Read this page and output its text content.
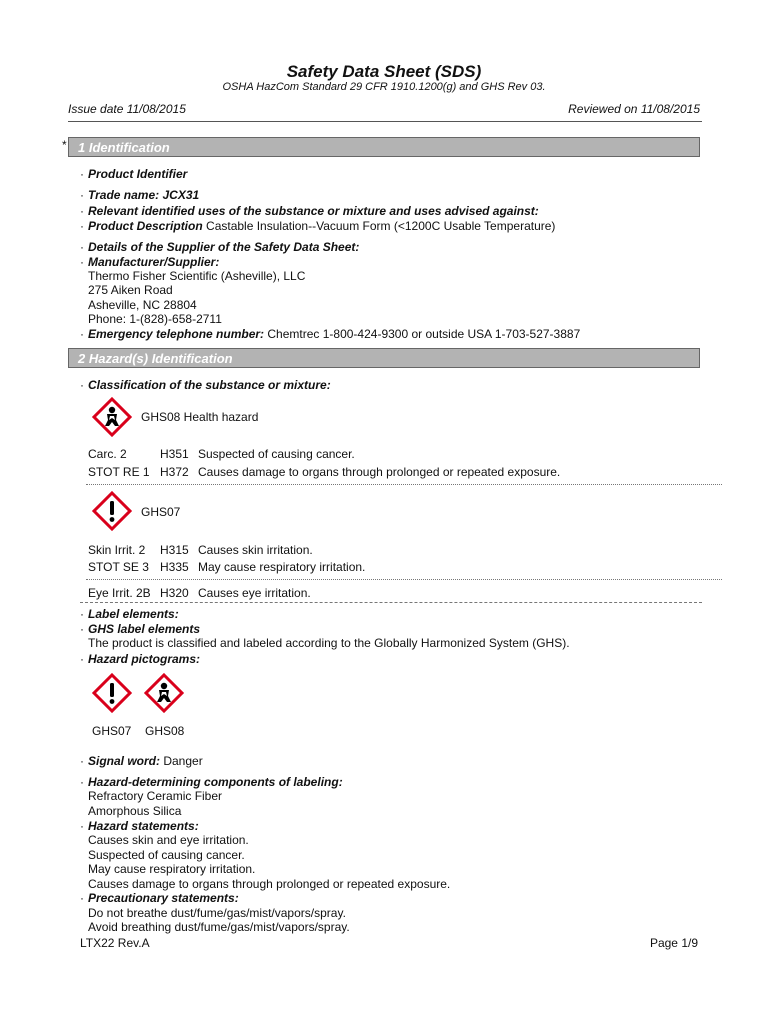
Safety Data Sheet (SDS)
OSHA HazCom Standard 29 CFR 1910.1200(g) and GHS Rev 03.
Issue date 11/08/2015	Reviewed on 11/08/2015
* 1 Identification
· Product Identifier
· Trade name: JCX31
· Relevant identified uses of the substance or mixture and uses advised against:
· Product Description Castable Insulation--Vacuum Form (<1200C Usable Temperature)
· Details of the Supplier of the Safety Data Sheet:
· Manufacturer/Supplier:
Thermo Fisher Scientific (Asheville), LLC
275 Aiken Road
Asheville, NC 28804
Phone: 1-(828)-658-2711
· Emergency telephone number: Chemtrec 1-800-424-9300 or outside USA 1-703-527-3887
2 Hazard(s) Identification
· Classification of the substance or mixture:
GHS08 Health hazard
Carc. 2	H351 Suspected of causing cancer.
STOT RE 1 H372 Causes damage to organs through prolonged or repeated exposure.
GHS07
Skin Irrit. 2 H315 Causes skin irritation.
STOT SE 3 H335 May cause respiratory irritation.
Eye Irrit. 2B H320 Causes eye irritation.
· Label elements:
· GHS label elements
The product is classified and labeled according to the Globally Harmonized System (GHS).
· Hazard pictograms:
GHS07 GHS08
· Signal word: Danger
· Hazard-determining components of labeling:
Refractory Ceramic Fiber
Amorphous Silica
· Hazard statements:
Causes skin and eye irritation.
Suspected of causing cancer.
May cause respiratory irritation.
Causes damage to organs through prolonged or repeated exposure.
· Precautionary statements:
Do not breathe dust/fume/gas/mist/vapors/spray.
Avoid breathing dust/fume/gas/mist/vapors/spray.
LTX22 Rev.A	Page 1/9
